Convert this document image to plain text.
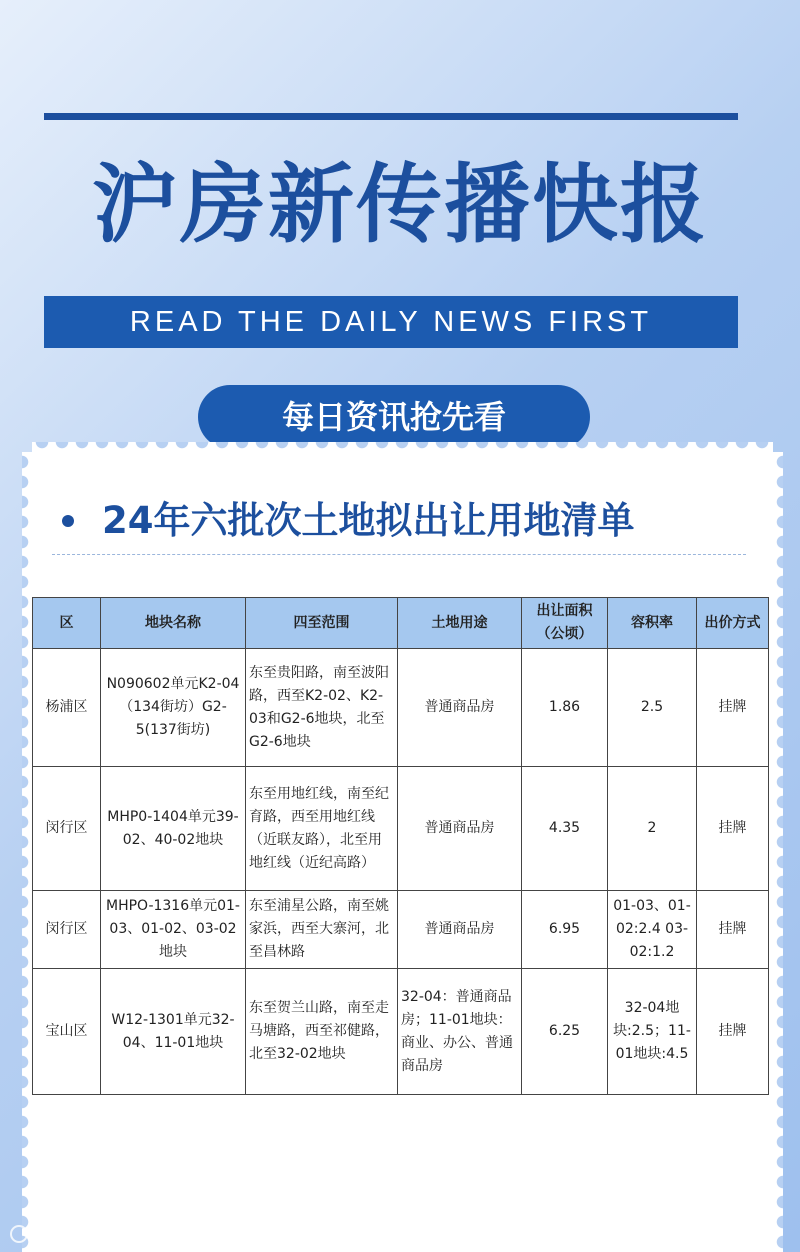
沪房新传播快报
READ THE DAILY NEWS FIRST
每日资讯抢先看
24年六批次土地拟出让用地清单
区	地块名称	四至范围	土地用途	出让面积（公顷）	容积率	出价方式
杨浦区	N090602单元K2-04（134街坊）G2-5(137街坊)	东至贵阳路，南至波阳路，西至K2-02、K2-03和G2-6地块，北至G2-6地块	普通商品房	1.86	2.5	挂牌
闵行区	MHP0-1404单元39-02、40-02地块	东至用地红线，南至纪育路，西至用地红线（近联友路），北至用地红线（近纪高路）	普通商品房	4.35	2	挂牌
闵行区	MHPO-1316单元01-03、01-02、03-02地块	东至浦星公路，南至姚家浜，西至大寨河，北至昌林路	普通商品房	6.95	01-03、01-02:2.4 03-02:1.2	挂牌
宝山区	W12-1301单元32-04、11-01地块	东至贺兰山路，南至走马塘路，西至祁健路，北至32-02地块	32-04：普通商品房；11-01地块：商业、办公、普通商品房	6.25	32-04地块:2.5；11-01地块:4.5	挂牌
大数跨境
